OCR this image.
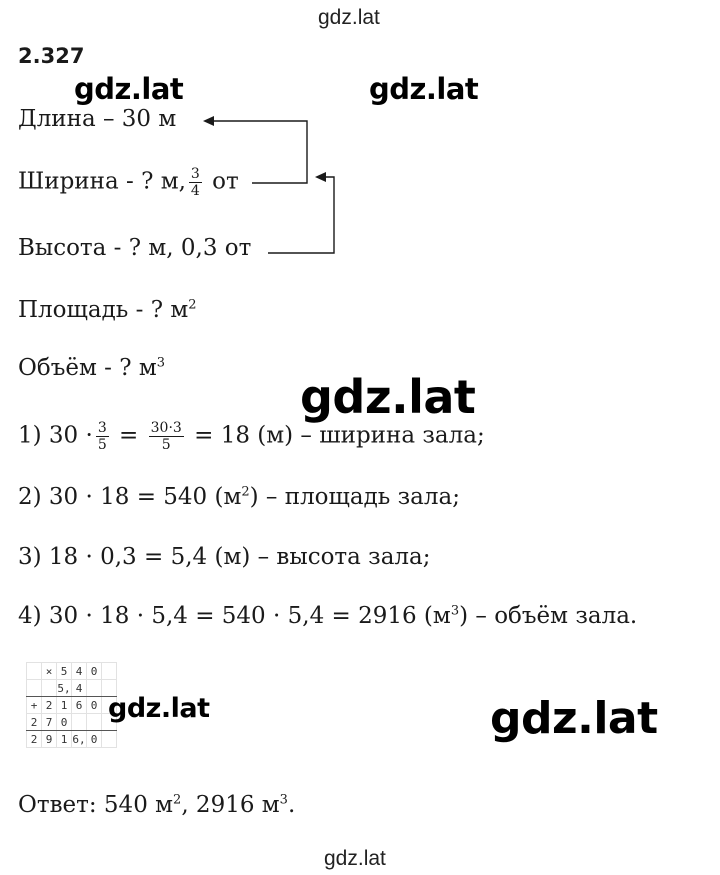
gdz.lat
2.327
gdz.lat	gdz.lat
Длина – 30 м
Ширина - ? м, $\frac{3}{4}$ от
Высота - ? м, 0,3 от
Площадь - ? $м^2$
Объём - ? $м^3$
gdz.lat
1) $30 \cdot \frac{3}{5} = \frac{30\cdot 3}{5} = 18$ (м) – ширина зала;
2) 30 · 18 = 540 $(м^2)$ – площадь зала;
3) 18 · 0,3 = 5,4 (м) – высота зала;
4) 30 · 18 · 5,4 = 540 · 5,4 = 2916 $(м^3)$ – объём зала.
	×	5	4	0	
		5,	4		
+	2	1	6	0	
2	7	0			
2	9	1	6,	0	
gdz.lat	gdz.lat
Ответ: 540 $м^2$, 2916 $м^3$.
gdz.lat
